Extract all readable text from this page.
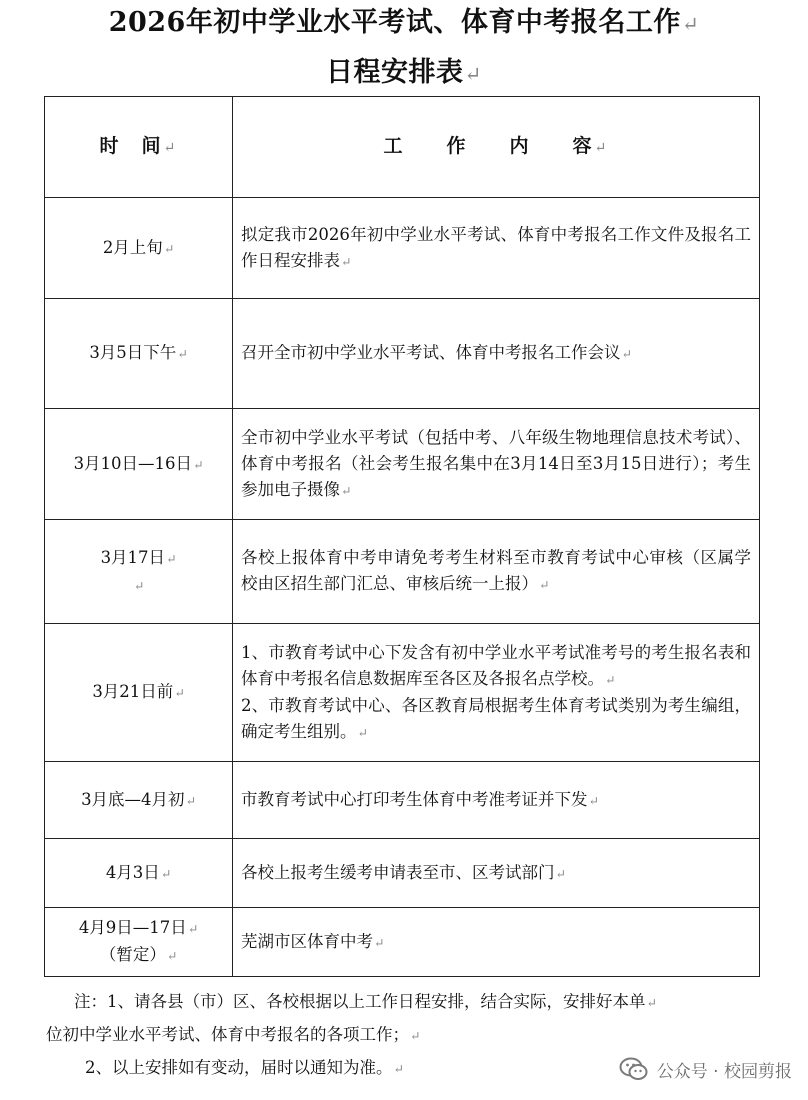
2026年初中学业水平考试、体育中考报名工作↵
日程安排表↵
时　间↵	工　　作　　内　　容↵

2月上旬↵	拟定我市2026年初中学业水平考试、体育中考报名工作文件及报名工作日程安排表↵

3月5日下午↵	召开全市初中学业水平考试、体育中考报名工作会议↵

3月10日—16日↵	全市初中学业水平考试（包括中考、八年级生物地理信息技术考试）、体育中考报名（社会考生报名集中在3月14日至3月15日进行）；考生参加电子摄像↵

3月17日↵
↵	各校上报体育中考申请免考考生材料至市教育考试中心审核（区属学校由区招生部门汇总、审核后统一上报）↵

3月21日前↵	1、市教育考试中心下发含有初中学业水平考试准考号的考生报名表和体育中考报名信息数据库至各区及各报名点学校。↵
2、市教育考试中心、各区教育局根据考生体育考试类别为考生编组，确定考生组别。↵

3月底—4月初↵	市教育考试中心打印考生体育中考准考证并下发↵

4月3日↵	各校上报考生缓考申请表至市、区考试部门↵

4月9日—17日↵
（暂定）↵	芜湖市区体育中考↵
注：1、请各县（市）区、各校根据以上工作日程安排，结合实际，安排好本单↵
位初中学业水平考试、体育中考报名的各项工作；↵
2、以上安排如有变动，届时以通知为准。↵	公众号 · 校园剪报
